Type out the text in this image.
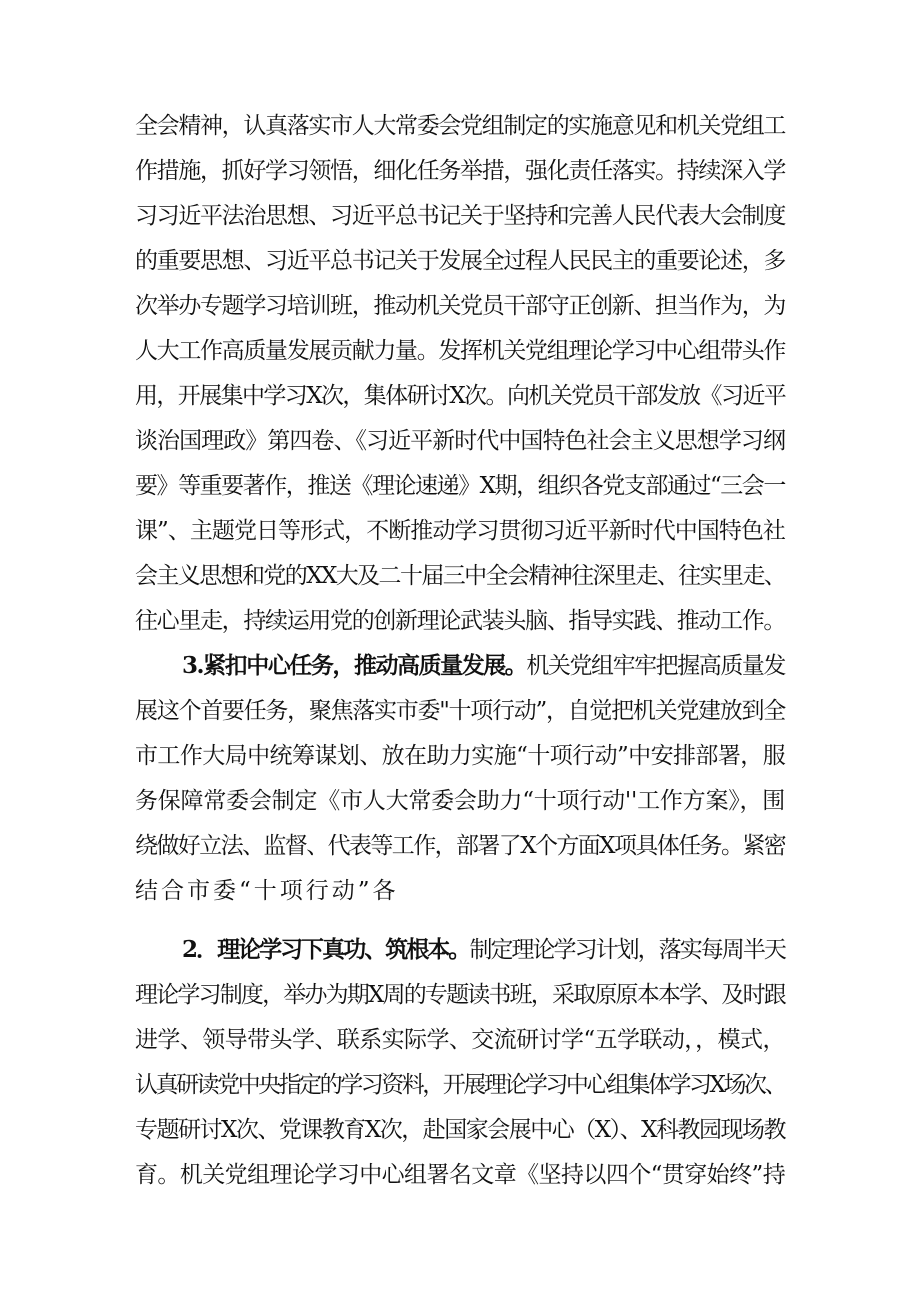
全会精神，认真落实市人大常委会党组制定的实施意见和机关党组工
作措施，抓好学习领悟，细化任务举措，强化责任落实。持续深入学
习习近平法治思想、习近平总书记关于坚持和完善人民代表大会制度
的重要思想、习近平总书记关于发展全过程人民民主的重要论述，多
次举办专题学习培训班，推动机关党员干部守正创新、担当作为，为
人大工作高质量发展贡献力量。发挥机关党组理论学习中心组带头作
用，开展集中学习X次，集体研讨X次。向机关党员干部发放《习近平
谈治国理政》第四卷、《习近平新时代中国特色社会主义思想学习纲
要》等重要著作，推送《理论速递》X期，组织各党支部通过“三会一
课”、主题党日等形式，不断推动学习贯彻习近平新时代中国特色社
会主义思想和党的XX大及二十届三中全会精神往深里走、往实里走、
往心里走，持续运用党的创新理论武装头脑、指导实践、推动工作。
3.紧扣中心任务，推动高质量发展。机关党组牢牢把握高质量发
展这个首要任务，聚焦落实市委"十项行动”，自觉把机关党建放到全
市工作大局中统筹谋划、放在助力实施“十项行动”中安排部署，服
务保障常委会制定《市人大常委会助力“十项行动''工作方案》，围
绕做好立法、监督、代表等工作，部署了X个方面X项具体任务。紧密
结合市委“十项行动”各
2．理论学习下真功、筑根本。制定理论学习计划，落实每周半天
理论学习制度，举办为期X周的专题读书班，采取原原本本学、及时跟
进学、领导带头学、联系实际学、交流研讨学“五学联动，，模式，
认真研读党中央指定的学习资料，开展理论学习中心组集体学习X场次、
专题研讨X次、党课教育X次，赴国家会展中心（X）、X科教园现场教
育。机关党组理论学习中心组署名文章《坚持以四个“贯穿始终”持
